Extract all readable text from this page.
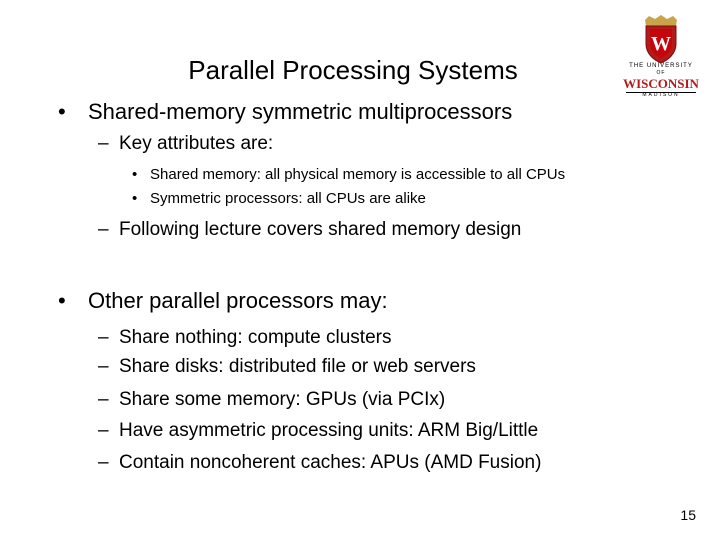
Parallel Processing Systems
W
THE UNIVERSITY
OF
WISCONSIN
MADISON
• Shared-memory symmetric multiprocessors
– Key attributes are:
• Shared memory: all physical memory is accessible to all CPUs
• Symmetric processors: all CPUs are alike
– Following lecture covers shared memory design
• Other parallel processors may:
– Share nothing: compute clusters
– Share disks: distributed file or web servers
– Share some memory: GPUs (via PCIx)
– Have asymmetric processing units: ARM Big/Little
– Contain noncoherent caches: APUs (AMD Fusion)
15
